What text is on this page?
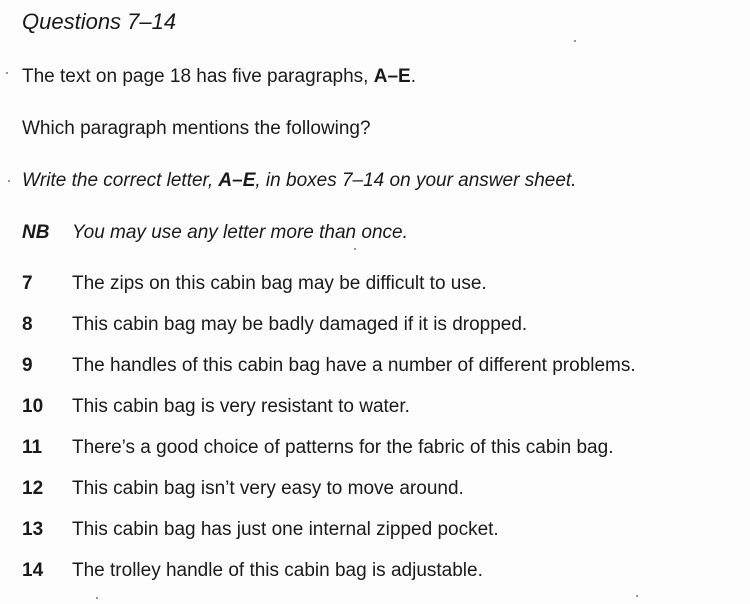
Questions 7–14
The text on page 18 has five paragraphs, A–E.
Which paragraph mentions the following?
Write the correct letter, A–E, in boxes 7–14 on your answer sheet.
NB You may use any letter more than once.
7 The zips on this cabin bag may be difficult to use.
8 This cabin bag may be badly damaged if it is dropped.
9 The handles of this cabin bag have a number of different problems.
10 This cabin bag is very resistant to water.
11 There’s a good choice of patterns for the fabric of this cabin bag.
12 This cabin bag isn’t very easy to move around.
13 This cabin bag has just one internal zipped pocket.
14 The trolley handle of this cabin bag is adjustable.
